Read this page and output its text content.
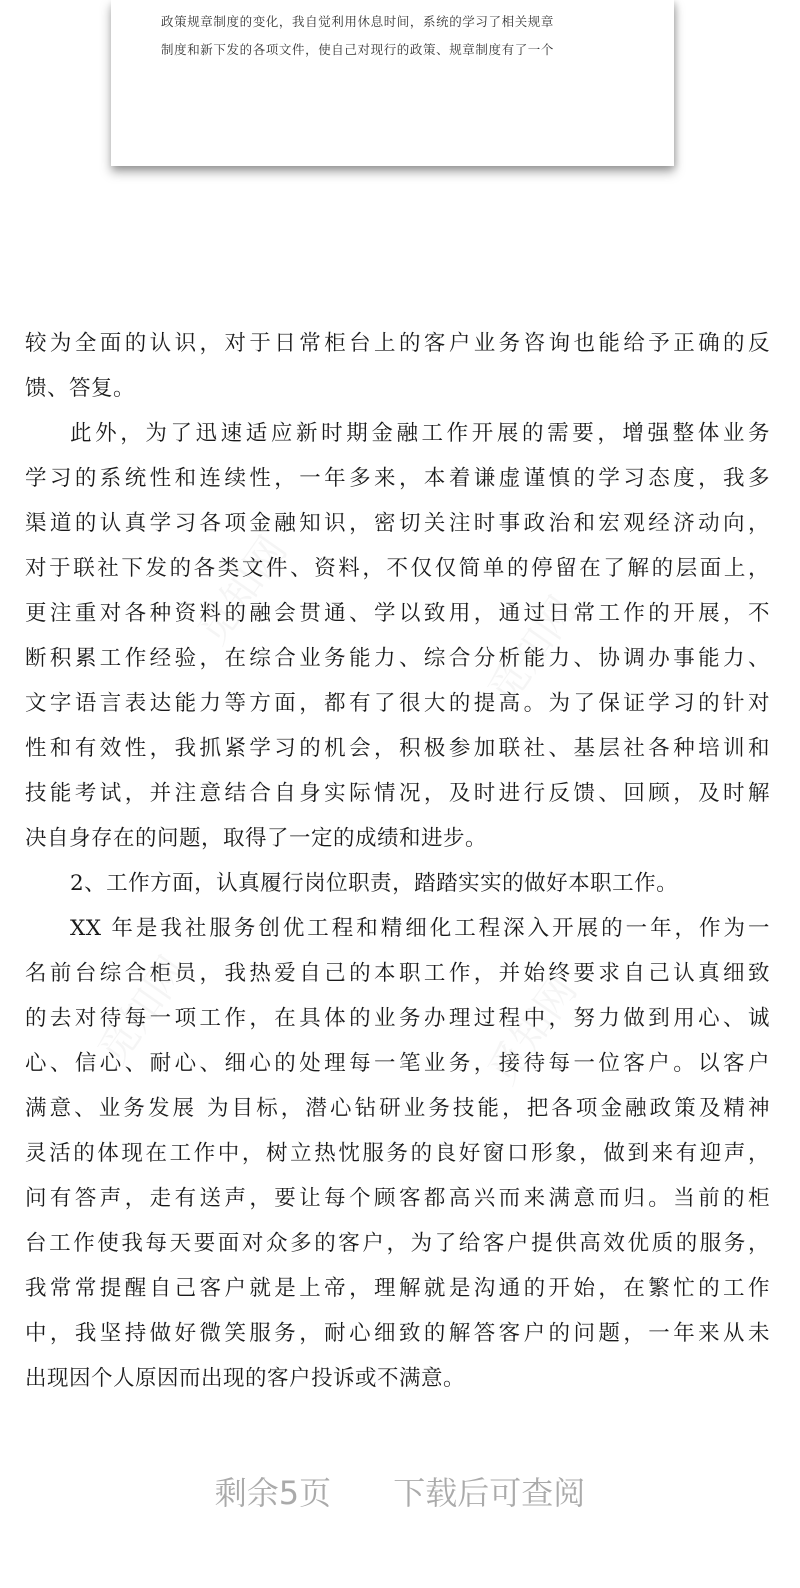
政策规章制度的变化，我自觉利用休息时间，系统的学习了相关规章
制度和新下发的各项文件，使自己对现行的政策、规章制度有了一个
觅知网	觅知网
觅知网	觅知网
较为全面的认识，对于日常柜台上的客户业务咨询也能给予正确的反
馈、答复。
此外，为了迅速适应新时期金融工作开展的需要，增强整体业务
学习的系统性和连续性，一年多来，本着谦虚谨慎的学习态度，我多
渠道的认真学习各项金融知识，密切关注时事政治和宏观经济动向，
对于联社下发的各类文件、资料，不仅仅简单的停留在了解的层面上，
更注重对各种资料的融会贯通、学以致用，通过日常工作的开展，不
断积累工作经验，在综合业务能力、综合分析能力、协调办事能力、
文字语言表达能力等方面，都有了很大的提高。为了保证学习的针对
性和有效性，我抓紧学习的机会，积极参加联社、基层社各种培训和
技能考试，并注意结合自身实际情况，及时进行反馈、回顾，及时解
决自身存在的问题，取得了一定的成绩和进步。
2、工作方面，认真履行岗位职责，踏踏实实的做好本职工作。
XX 年是我社服务创优工程和精细化工程深入开展的一年，作为一
名前台综合柜员，我热爱自己的本职工作，并始终要求自己认真细致
的去对待每一项工作，在具体的业务办理过程中，努力做到用心、诚
心、信心、耐心、细心的处理每一笔业务，接待每一位客户。以客户
满意、业务发展 为目标，潜心钻研业务技能，把各项金融政策及精神
灵活的体现在工作中，树立热忱服务的良好窗口形象，做到来有迎声，
问有答声，走有送声，要让每个顾客都高兴而来满意而归。当前的柜
台工作使我每天要面对众多的客户，为了给客户提供高效优质的服务，
我常常提醒自己客户就是上帝，理解就是沟通的开始，在繁忙的工作
中，我坚持做好微笑服务，耐心细致的解答客户的问题，一年来从未
出现因个人原因而出现的客户投诉或不满意。
剩余5页 下载后可查阅
